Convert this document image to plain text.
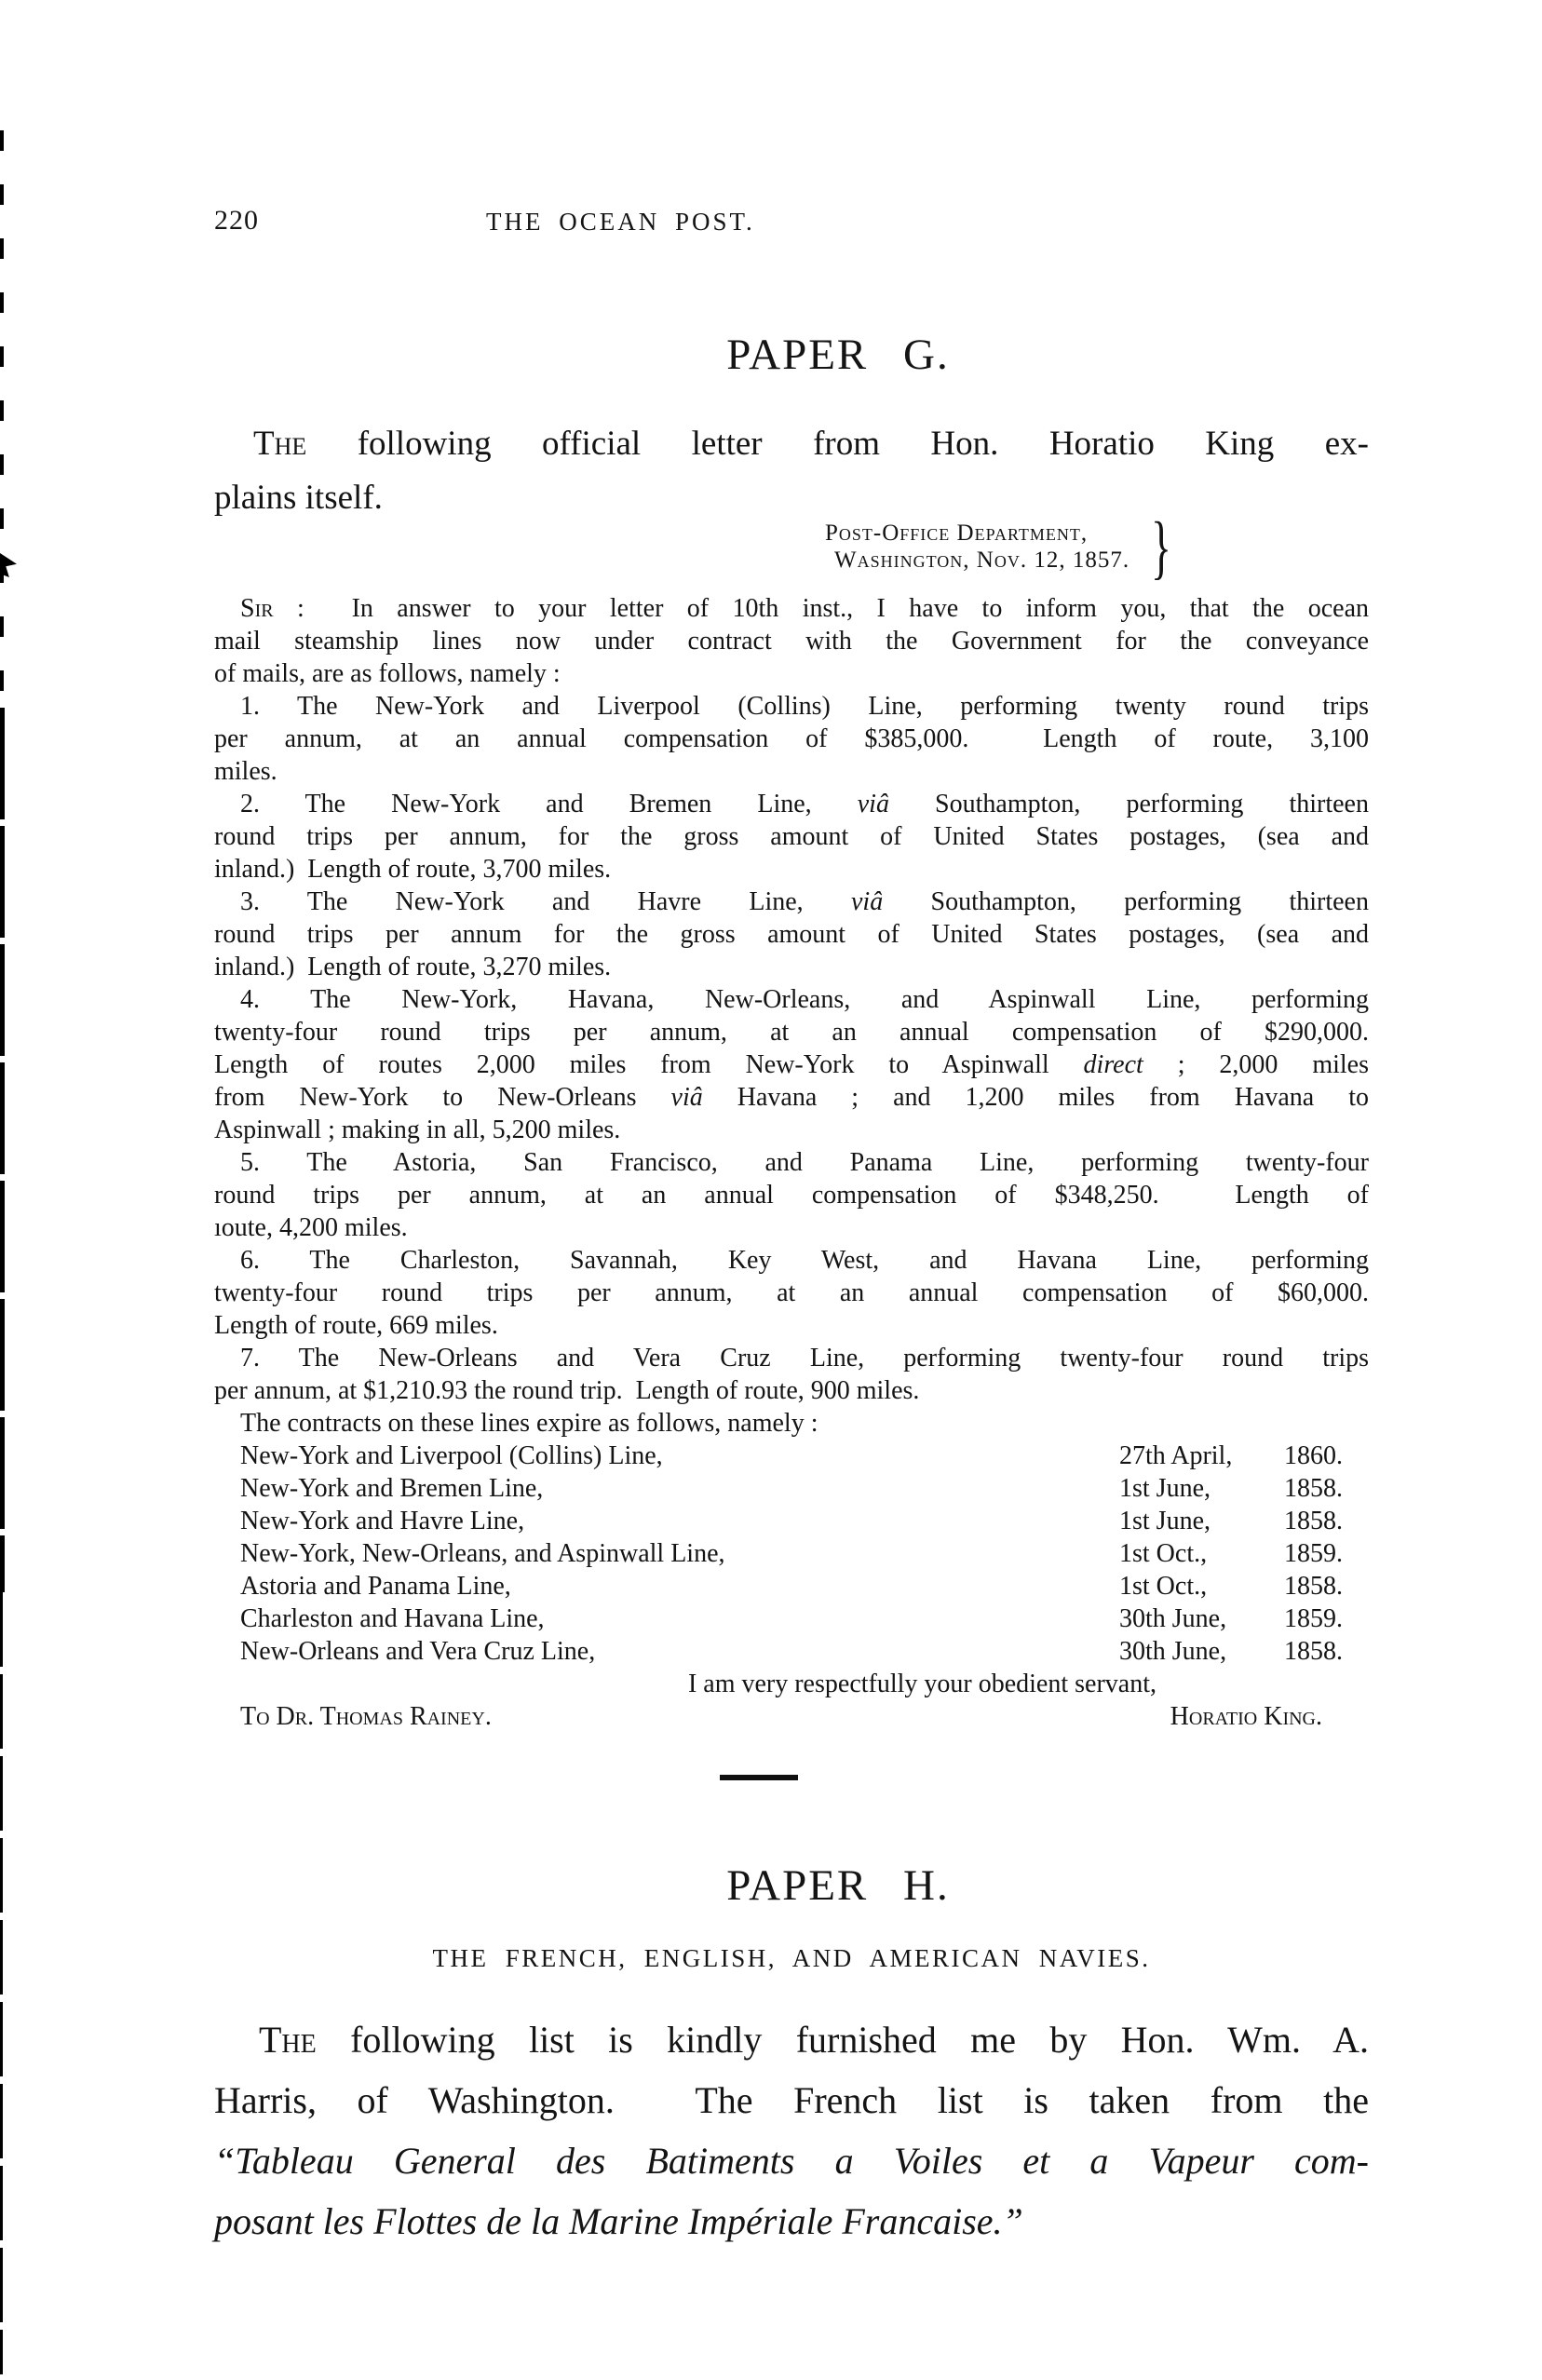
220	THE OCEAN POST.
PAPER G.
The following official letter from Hon. Horatio King ex-
plains itself.
Post-Office Department,
Washington, Nov. 12, 1857. }
Sir :  In answer to your letter of 10th inst., I have to inform you, that the ocean
mail steamship lines now under contract with the Government for the conveyance
of mails, are as follows, namely :
1. The New-York and Liverpool (Collins) Line, performing twenty round trips
per annum, at an annual compensation of $385,000.  Length of route, 3,100
miles.
2. The New-York and Bremen Line, viâ Southampton, performing thirteen
round trips per annum, for the gross amount of United States postages, (sea and
inland.)  Length of route, 3,700 miles.
3. The New-York and Havre Line, viâ Southampton, performing thirteen
round trips per annum for the gross amount of United States postages, (sea and
inland.)  Length of route, 3,270 miles.
4. The New-York, Havana, New-Orleans, and Aspinwall Line, performing
twenty-four round trips per annum, at an annual compensation of $290,000.
Length of routes 2,000 miles from New-York to Aspinwall direct ; 2,000 miles
from New-York to New-Orleans viâ Havana ; and 1,200 miles from Havana to
Aspinwall ; making in all, 5,200 miles.
5. The Astoria, San Francisco, and Panama Line, performing twenty-four
round trips per annum, at an annual compensation of $348,250.  Length of
ıoute, 4,200 miles.
6. The Charleston, Savannah, Key West, and Havana Line, performing
twenty-four round trips per annum, at an annual compensation of $60,000.
Length of route, 669 miles.
7. The New-Orleans and Vera Cruz Line, performing twenty-four round trips
per annum, at $1,210.93 the round trip.  Length of route, 900 miles.
The contracts on these lines expire as follows, namely :
New-York and Liverpool (Collins) Line,	27th April, 1860.
New-York and Bremen Line,	1st June,	1858.
New-York and Havre Line,	1st June,	1858.
New-York, New-Orleans, and Aspinwall Line,	1st Oct.,	1859.
Astoria and Panama Line,	1st Oct.,	1858.
Charleston and Havana Line,	30th June, 1859.
New-Orleans and Vera Cruz Line,	30th June, 1858.
I am very respectfully your obedient servant,
To Dr. Thomas Rainey.	Horatio King.
PAPER H.
THE FRENCH, ENGLISH, AND AMERICAN NAVIES.
The following list is kindly furnished me by Hon. Wm. A.
Harris, of Washington.  The French list is taken from the
“Tableau General des Batiments a Voiles et a Vapeur com-
posant les Flottes de la Marine Impériale Francaise.”
